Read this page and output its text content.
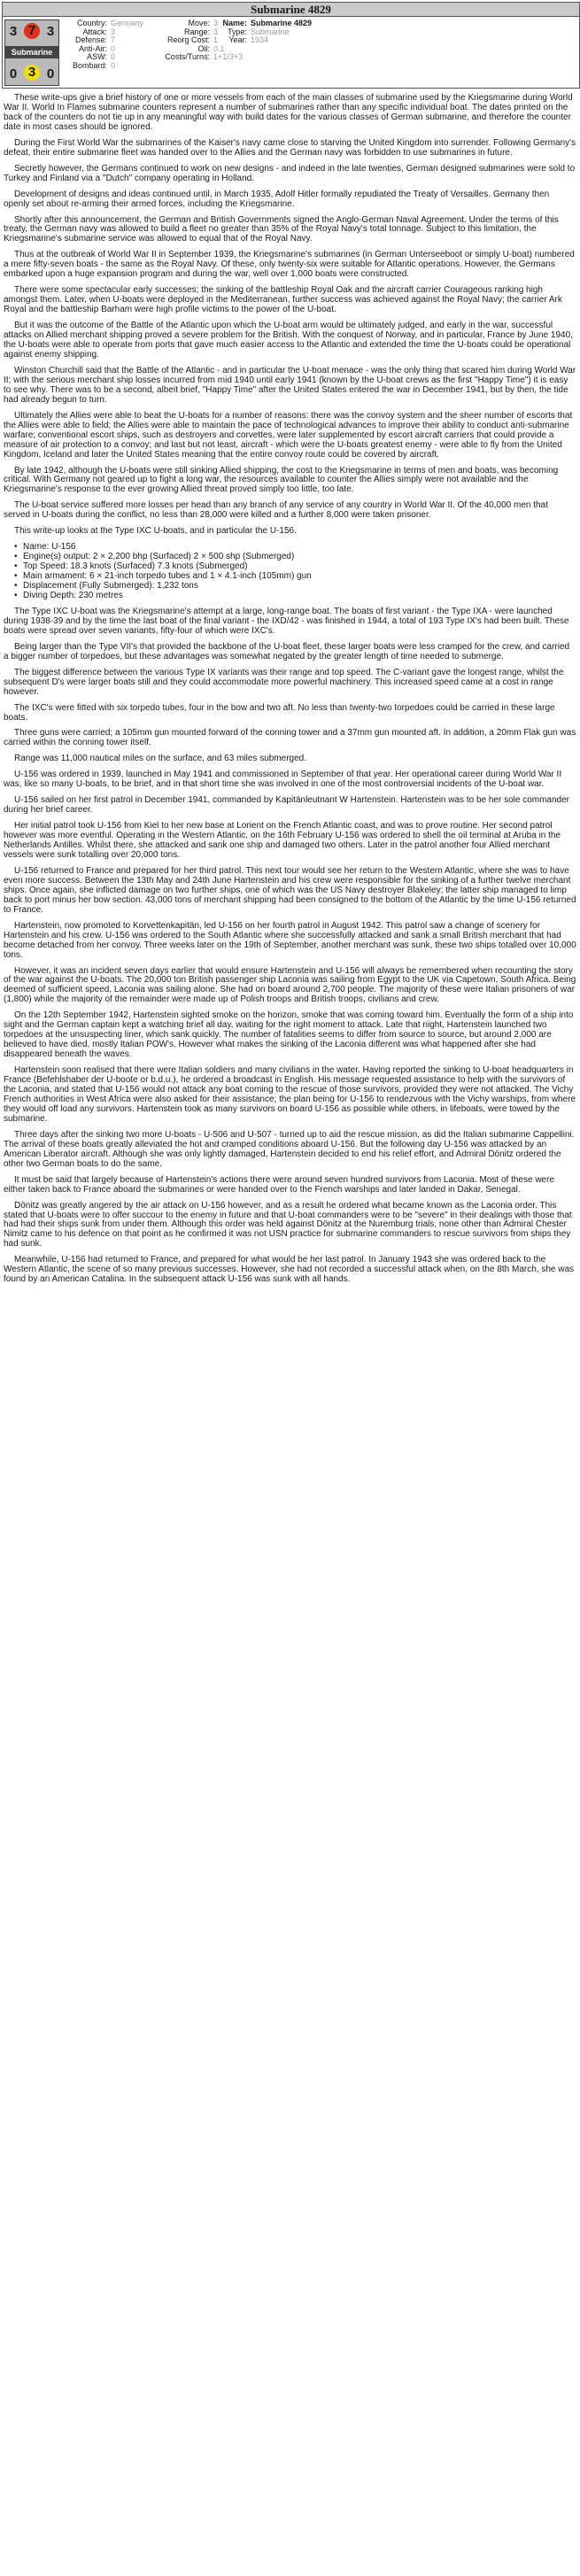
Submarine 4829
3 7 3
Submarine
0 3 0
Country: Germany
Attack: 3
Defense: 7
Anti-Air: 0
ASW: 0
Bombard: 0
Move: 3
Range: 3
Reorg Cost: 1
Oil: 0.1
Costs/Turns: 1+1/3+3
Name: Submarine 4829
Type: Submarine
Year: 1934

These write-ups give a brief history of one or more vessels from each of the main classes of submarine used by the Kriegsmarine during World War II. World In Flames submarine counters represent a number of submarines rather than any specific individual boat. The dates printed on the back of the counters do not tie up in any meaningful way with build dates for the various classes of German submarine, and therefore the counter date in most cases should be ignored.

During the First World War the submarines of the Kaiser's navy came close to starving the United Kingdom into surrender. Following Germany's defeat, their entire submarine fleet was handed over to the Allies and the German navy was forbidden to use submarines in future.

Secretly however, the Germans continued to work on new designs - and indeed in the late twenties, German designed submarines were sold to Turkey and Finland via a "Dutch" company operating in Holland.

Development of designs and ideas continued until, in March 1935, Adolf Hitler formally repudiated the Treaty of Versailles. Germany then openly set about re-arming their armed forces, including the Kriegsmarine.

Shortly after this announcement, the German and British Governments signed the Anglo-German Naval Agreement. Under the terms of this treaty, the German navy was allowed to build a fleet no greater than 35% of the Royal Navy's total tonnage. Subject to this limitation, the Kriegsmarine's submarine service was allowed to equal that of the Royal Navy.

Thus at the outbreak of World War II in September 1939, the Kriegsmarine's submarines (in German Unterseeboot or simply U-boat) numbered a mere fifty-seven boats - the same as the Royal Navy. Of these, only twenty-six were suitable for Atlantic operations. However, the Germans embarked upon a huge expansion program and during the war, well over 1,000 boats were constructed.

There were some spectacular early successes; the sinking of the battleship Royal Oak and the aircraft carrier Courageous ranking high amongst them. Later, when U-boats were deployed in the Mediterranean, further success was achieved against the Royal Navy; the carrier Ark Royal and the battleship Barham were high profile victims to the power of the U-boat.

But it was the outcome of the Battle of the Atlantic upon which the U-boat arm would be ultimately judged, and early in the war, successful attacks on Allied merchant shipping proved a severe problem for the British. With the conquest of Norway, and in particular, France by June 1940, the U-boats were able to operate from ports that gave much easier access to the Atlantic and extended the time the U-boats could be operational against enemy shipping.

Winston Churchill said that the Battle of the Atlantic - and in particular the U-boat menace - was the only thing that scared him during World War II; with the serious merchant ship losses incurred from mid 1940 until early 1941 (known by the U-boat crews as the first "Happy Time") it is easy to see why. There was to be a second, albeit brief, "Happy Time" after the United States entered the war in December 1941, but by then, the tide had already begun to turn.

Ultimately the Allies were able to beat the U-boats for a number of reasons: there was the convoy system and the sheer number of escorts that the Allies were able to field; the Allies were able to maintain the pace of technological advances to improve their ability to conduct anti-submarine warfare; conventional escort ships, such as destroyers and corvettes, were later supplemented by escort aircraft carriers that could provide a measure of air protection to a convoy; and last but not least, aircraft - which were the U-boats greatest enemy - were able to fly from the United Kingdom, Iceland and later the United States meaning that the entire convoy route could be covered by aircraft.

By late 1942, although the U-boats were still sinking Allied shipping, the cost to the Kriegsmarine in terms of men and boats, was becoming critical. With Germany not geared up to fight a long war, the resources available to counter the Allies simply were not available and the Kriegsmarine's response to the ever growing Allied threat proved simply too little, too late.

The U-boat service suffered more losses per head than any branch of any service of any country in World War II. Of the 40,000 men that served in U-boats during the conflict, no less than 28,000 were killed and a further 8,000 were taken prisoner.

This write-up looks at the Type IXC U-boats, and in particular the U-156.

• Name: U-156
• Engine(s) output: 2 × 2,200 bhp (Surfaced) 2 × 500 shp (Submerged)
• Top Speed: 18.3 knots (Surfaced) 7.3 knots (Submerged)
• Main armament: 6 × 21-inch torpedo tubes and 1 × 4.1-inch (105mm) gun
• Displacement (Fully Submerged): 1,232 tons
• Diving Depth: 230 metres

The Type IXC U-boat was the Kriegsmarine's attempt at a large, long-range boat. The boats of first variant - the Type IXA - were launched during 1938-39 and by the time the last boat of the final variant - the IXD/42 - was finished in 1944, a total of 193 Type IX's had been built. These boats were spread over seven variants, fifty-four of which were IXC's.

Being larger than the Type VII's that provided the backbone of the U-boat fleet, these larger boats were less cramped for the crew, and carried a bigger number of torpedoes, but these advantages was somewhat negated by the greater length of time needed to submerge.

The biggest difference between the various Type IX variants was their range and top speed. The C-variant gave the longest range, whilst the subsequent D's were larger boats still and they could accommodate more powerful machinery. This increased speed came at a cost in range however.

The IXC's were fitted with six torpedo tubes, four in the bow and two aft. No less than twenty-two torpedoes could be carried in these large boats.

Three guns were carried; a 105mm gun mounted forward of the conning tower and a 37mm gun mounted aft. In addition, a 20mm Flak gun was carried within the conning tower itself.

Range was 11,000 nautical miles on the surface, and 63 miles submerged.

U-156 was ordered in 1939, launched in May 1941 and commissioned in September of that year. Her operational career during World War II was, like so many U-boats, to be brief, and in that short time she was involved in one of the most controversial incidents of the U-boat war.

U-156 sailed on her first patrol in December 1941, commanded by Kapitänleutnant W Hartenstein. Hartenstein was to be her sole commander during her brief career.

Her initial patrol took U-156 from Kiel to her new base at Lorient on the French Atlantic coast, and was to prove routine. Her second patrol however was more eventful. Operating in the Western Atlantic, on the 16th February U-156 was ordered to shell the oil terminal at Aruba in the Netherlands Antilles. Whilst there, she attacked and sank one ship and damaged two others. Later in the patrol another four Allied merchant vessels were sunk totalling over 20,000 tons.

U-156 returned to France and prepared for her third patrol. This next tour would see her return to the Western Atlantic, where she was to have even more success. Between the 13th May and 24th June Hartenstein and his crew were responsible for the sinking of a further twelve merchant ships. Once again, she inflicted damage on two further ships, one of which was the US Navy destroyer Blakeley; the latter ship managed to limp back to port minus her bow section. 43,000 tons of merchant shipping had been consigned to the bottom of the Atlantic by the time U-156 returned to France.

Hartenstein, now promoted to Korvettenkapitän, led U-156 on her fourth patrol in August 1942. This patrol saw a change of scenery for Hartenstein and his crew. U-156 was ordered to the South Atlantic where she successfully attacked and sank a small British merchant that had become detached from her convoy. Three weeks later on the 19th of September, another merchant was sunk, these two ships totalled over 10,000 tons.

However, it was an incident seven days earlier that would ensure Hartenstein and U-156 will always be remembered when recounting the story of the war against the U-boats. The 20,000 ton British passenger ship Laconia was sailing from Egypt to the UK via Capetown, South Africa. Being deemed of sufficient speed, Laconia was sailing alone. She had on board around 2,700 people. The majority of these were Italian prisoners of war (1,800) while the majority of the remainder were made up of Polish troops and British troops, civilians and crew.

On the 12th September 1942, Hartenstein sighted smoke on the horizon, smoke that was coming toward him. Eventually the form of a ship into sight and the German captain kept a watching brief all day, waiting for the right moment to attack. Late that night, Hartenstein launched two torpedoes at the unsuspecting liner, which sank quickly. The number of fatalities seems to differ from source to source, but around 2,000 are believed to have died, mostly Italian POW's. However what makes the sinking of the Laconia different was what happened after she had disappeared beneath the waves.

Hartenstein soon realised that there were Italian soldiers and many civilians in the water. Having reported the sinking to U-boat headquarters in France (Befehlshaber der U-boote or b.d.u.), he ordered a broadcast in English. His message requested assistance to help with the survivors of the Laconia, and stated that U-156 would not attack any boat coming to the rescue of those survivors, provided they were not attacked. The Vichy French authorities in West Africa were also asked for their assistance; the plan being for U-156 to rendezvous with the Vichy warships, from where they would off load any survivors. Hartenstein took as many survivors on board U-156 as possible while others, in lifeboats, were towed by the submarine.

Three days after the sinking two more U-boats - U-506 and U-507 - turned up to aid the rescue mission, as did the Italian submarine Cappellini. The arrival of these boats greatly alleviated the hot and cramped conditions aboard U-156. But the following day U-156 was attacked by an American Liberator aircraft. Although she was only lightly damaged, Hartenstein decided to end his relief effort, and Admiral Dönitz ordered the other two German boats to do the same.

It must be said that largely because of Hartenstein's actions there were around seven hundred survivors from Laconia. Most of these were either taken back to France aboard the submarines or were handed over to the French warships and later landed in Dakar, Senegal.

Dönitz was greatly angered by the air attack on U-156 however, and as a result he ordered what became known as the Laconia order. This stated that U-boats were to offer succour to the enemy in future and that U-boat commanders were to be "severe" in their dealings with those that had had their ships sunk from under them. Although this order was held against Dönitz at the Nuremburg trials, none other than Admiral Chester Nimitz came to his defence on that point as he confirmed it was not USN practice for submarine commanders to rescue survivors from ships they had sunk.

Meanwhile, U-156 had returned to France, and prepared for what would be her last patrol. In January 1943 she was ordered back to the Western Atlantic, the scene of so many previous successes. However, she had not recorded a successful attack when, on the 8th March, she was found by an American Catalina. In the subsequent attack U-156 was sunk with all hands.
